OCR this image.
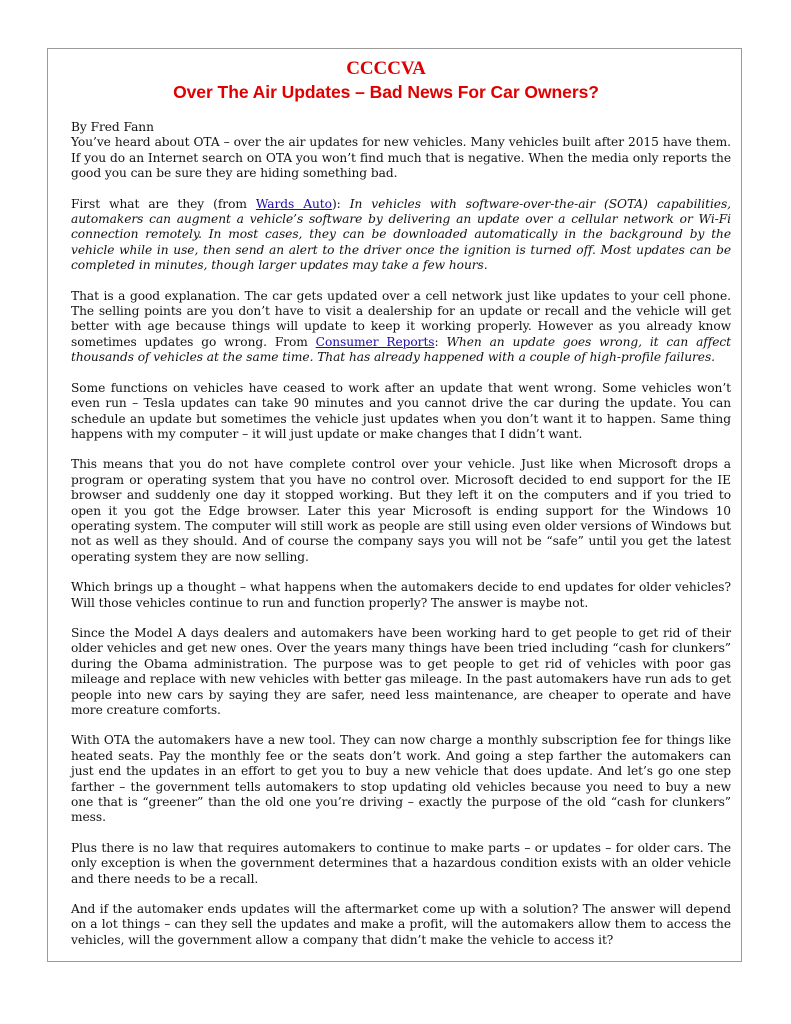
CCCCVA
Over The Air Updates – Bad News For Car Owners?

By Fred Fann

You’ve heard about OTA – over the air updates for new vehicles. Many vehicles built after 2015 have them. If you do an Internet search on OTA you won’t find much that is negative. When the media only reports the good you can be sure they are hiding something bad.

First what are they (from Wards Auto): In vehicles with software-over-the-air (SOTA) capabilities, automakers can augment a vehicle’s software by delivering an update over a cellular network or Wi-Fi connection remotely. In most cases, they can be downloaded automatically in the background by the vehicle while in use, then send an alert to the driver once the ignition is turned off. Most updates can be completed in minutes, though larger updates may take a few hours.

That is a good explanation. The car gets updated over a cell network just like updates to your cell phone. The selling points are you don’t have to visit a dealership for an update or recall and the vehicle will get better with age because things will update to keep it working properly. However as you already know sometimes updates go wrong. From Consumer Reports: When an update goes wrong, it can affect thousands of vehicles at the same time. That has already happened with a couple of high-profile failures.

Some functions on vehicles have ceased to work after an update that went wrong. Some vehicles won’t even run – Tesla updates can take 90 minutes and you cannot drive the car during the update. You can schedule an update but sometimes the vehicle just updates when you don’t want it to happen. Same thing happens with my computer – it will just update or make changes that I didn’t want.

This means that you do not have complete control over your vehicle. Just like when Microsoft drops a program or operating system that you have no control over. Microsoft decided to end support for the IE browser and suddenly one day it stopped working. But they left it on the computers and if you tried to open it you got the Edge browser. Later this year Microsoft is ending support for the Windows 10 operating system. The computer will still work as people are still using even older versions of Windows but not as well as they should. And of course the company says you will not be “safe” until you get the latest operating system they are now selling.

Which brings up a thought – what happens when the automakers decide to end updates for older vehicles? Will those vehicles continue to run and function properly? The answer is maybe not.

Since the Model A days dealers and automakers have been working hard to get people to get rid of their older vehicles and get new ones. Over the years many things have been tried including “cash for clunkers” during the Obama administration. The purpose was to get people to get rid of vehicles with poor gas mileage and replace with new vehicles with better gas mileage. In the past automakers have run ads to get people into new cars by saying they are safer, need less maintenance, are cheaper to operate and have more creature comforts.

With OTA the automakers have a new tool. They can now charge a monthly subscription fee for things like heated seats. Pay the monthly fee or the seats don’t work. And going a step farther the automakers can just end the updates in an effort to get you to buy a new vehicle that does update. And let’s go one step farther – the government tells automakers to stop updating old vehicles because you need to buy a new one that is “greener” than the old one you’re driving – exactly the purpose of the old “cash for clunkers” mess.

Plus there is no law that requires automakers to continue to make parts – or updates – for older cars. The only exception is when the government determines that a hazardous condition exists with an older vehicle and there needs to be a recall.

And if the automaker ends updates will the aftermarket come up with a solution? The answer will depend on a lot things – can they sell the updates and make a profit, will the automakers allow them to access the vehicles, will the government allow a company that didn’t make the vehicle to access it?
